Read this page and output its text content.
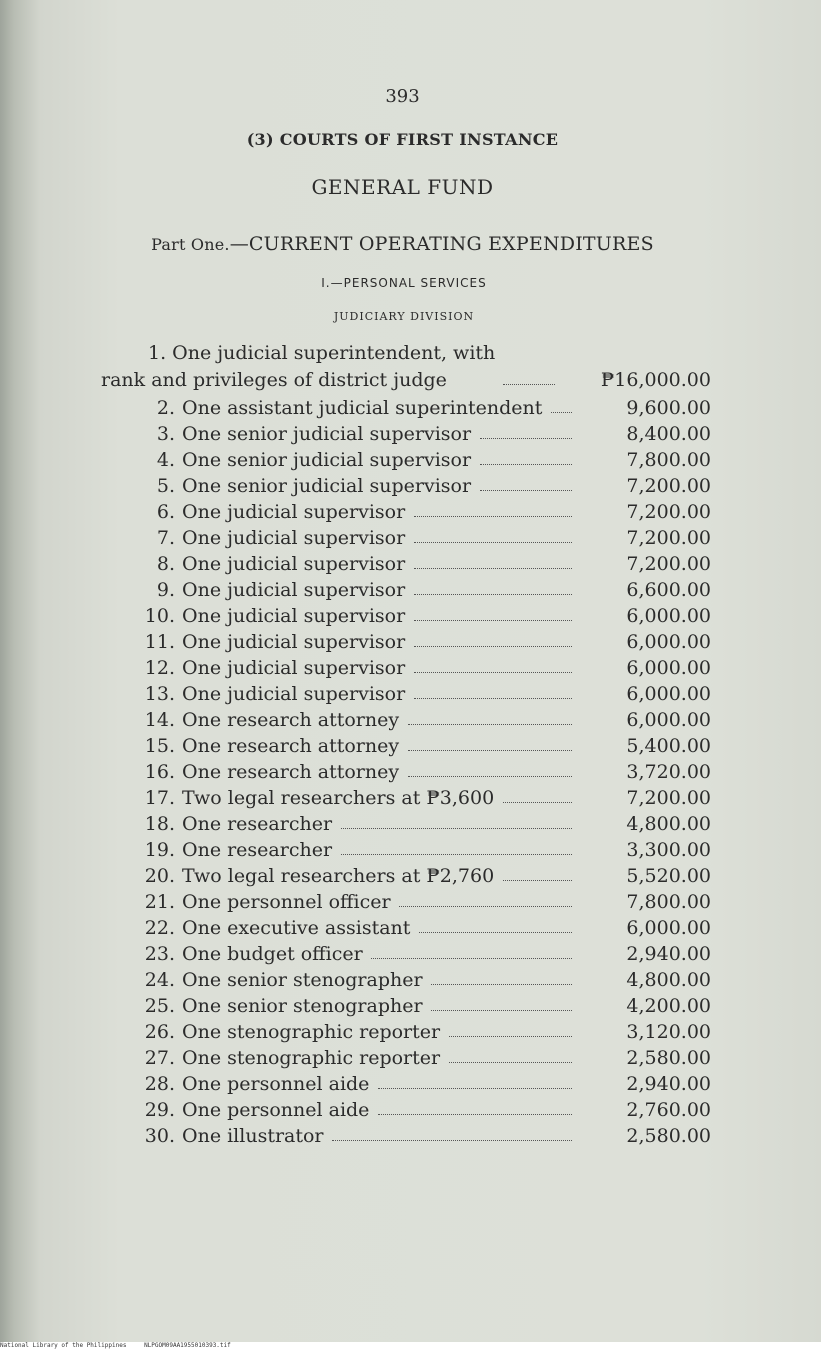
393
(3) COURTS OF FIRST INSTANCE
GENERAL FUND
Part One.—CURRENT OPERATING EXPENDITURES
I.—PERSONAL SERVICES
JUDICIARY DIVISION
1. One judicial superintendent, with
rank and privileges of district judge	₱16,000.00
2. One assistant judicial superintendent	9,600.00
3. One senior judicial supervisor	8,400.00
4. One senior judicial supervisor	7,800.00
5. One senior judicial supervisor	7,200.00
6. One judicial supervisor	7,200.00
7. One judicial supervisor	7,200.00
8. One judicial supervisor	7,200.00
9. One judicial supervisor	6,600.00
10. One judicial supervisor	6,000.00
11. One judicial supervisor	6,000.00
12. One judicial supervisor	6,000.00
13. One judicial supervisor	6,000.00
14. One research attorney	6,000.00
15. One research attorney	5,400.00
16. One research attorney	3,720.00
17. Two legal researchers at ₱3,600	7,200.00
18. One researcher	4,800.00
19. One researcher	3,300.00
20. Two legal researchers at ₱2,760	5,520.00
21. One personnel officer	7,800.00
22. One executive assistant	6,000.00
23. One budget officer	2,940.00
24. One senior stenographer	4,800.00
25. One senior stenographer	4,200.00
26. One stenographic reporter	3,120.00
27. One stenographic reporter	2,580.00
28. One personnel aide	2,940.00
29. One personnel aide	2,760.00
30. One illustrator	2,580.00
National Library of the Philippines	NLPGOM09AA1955010393.tif
